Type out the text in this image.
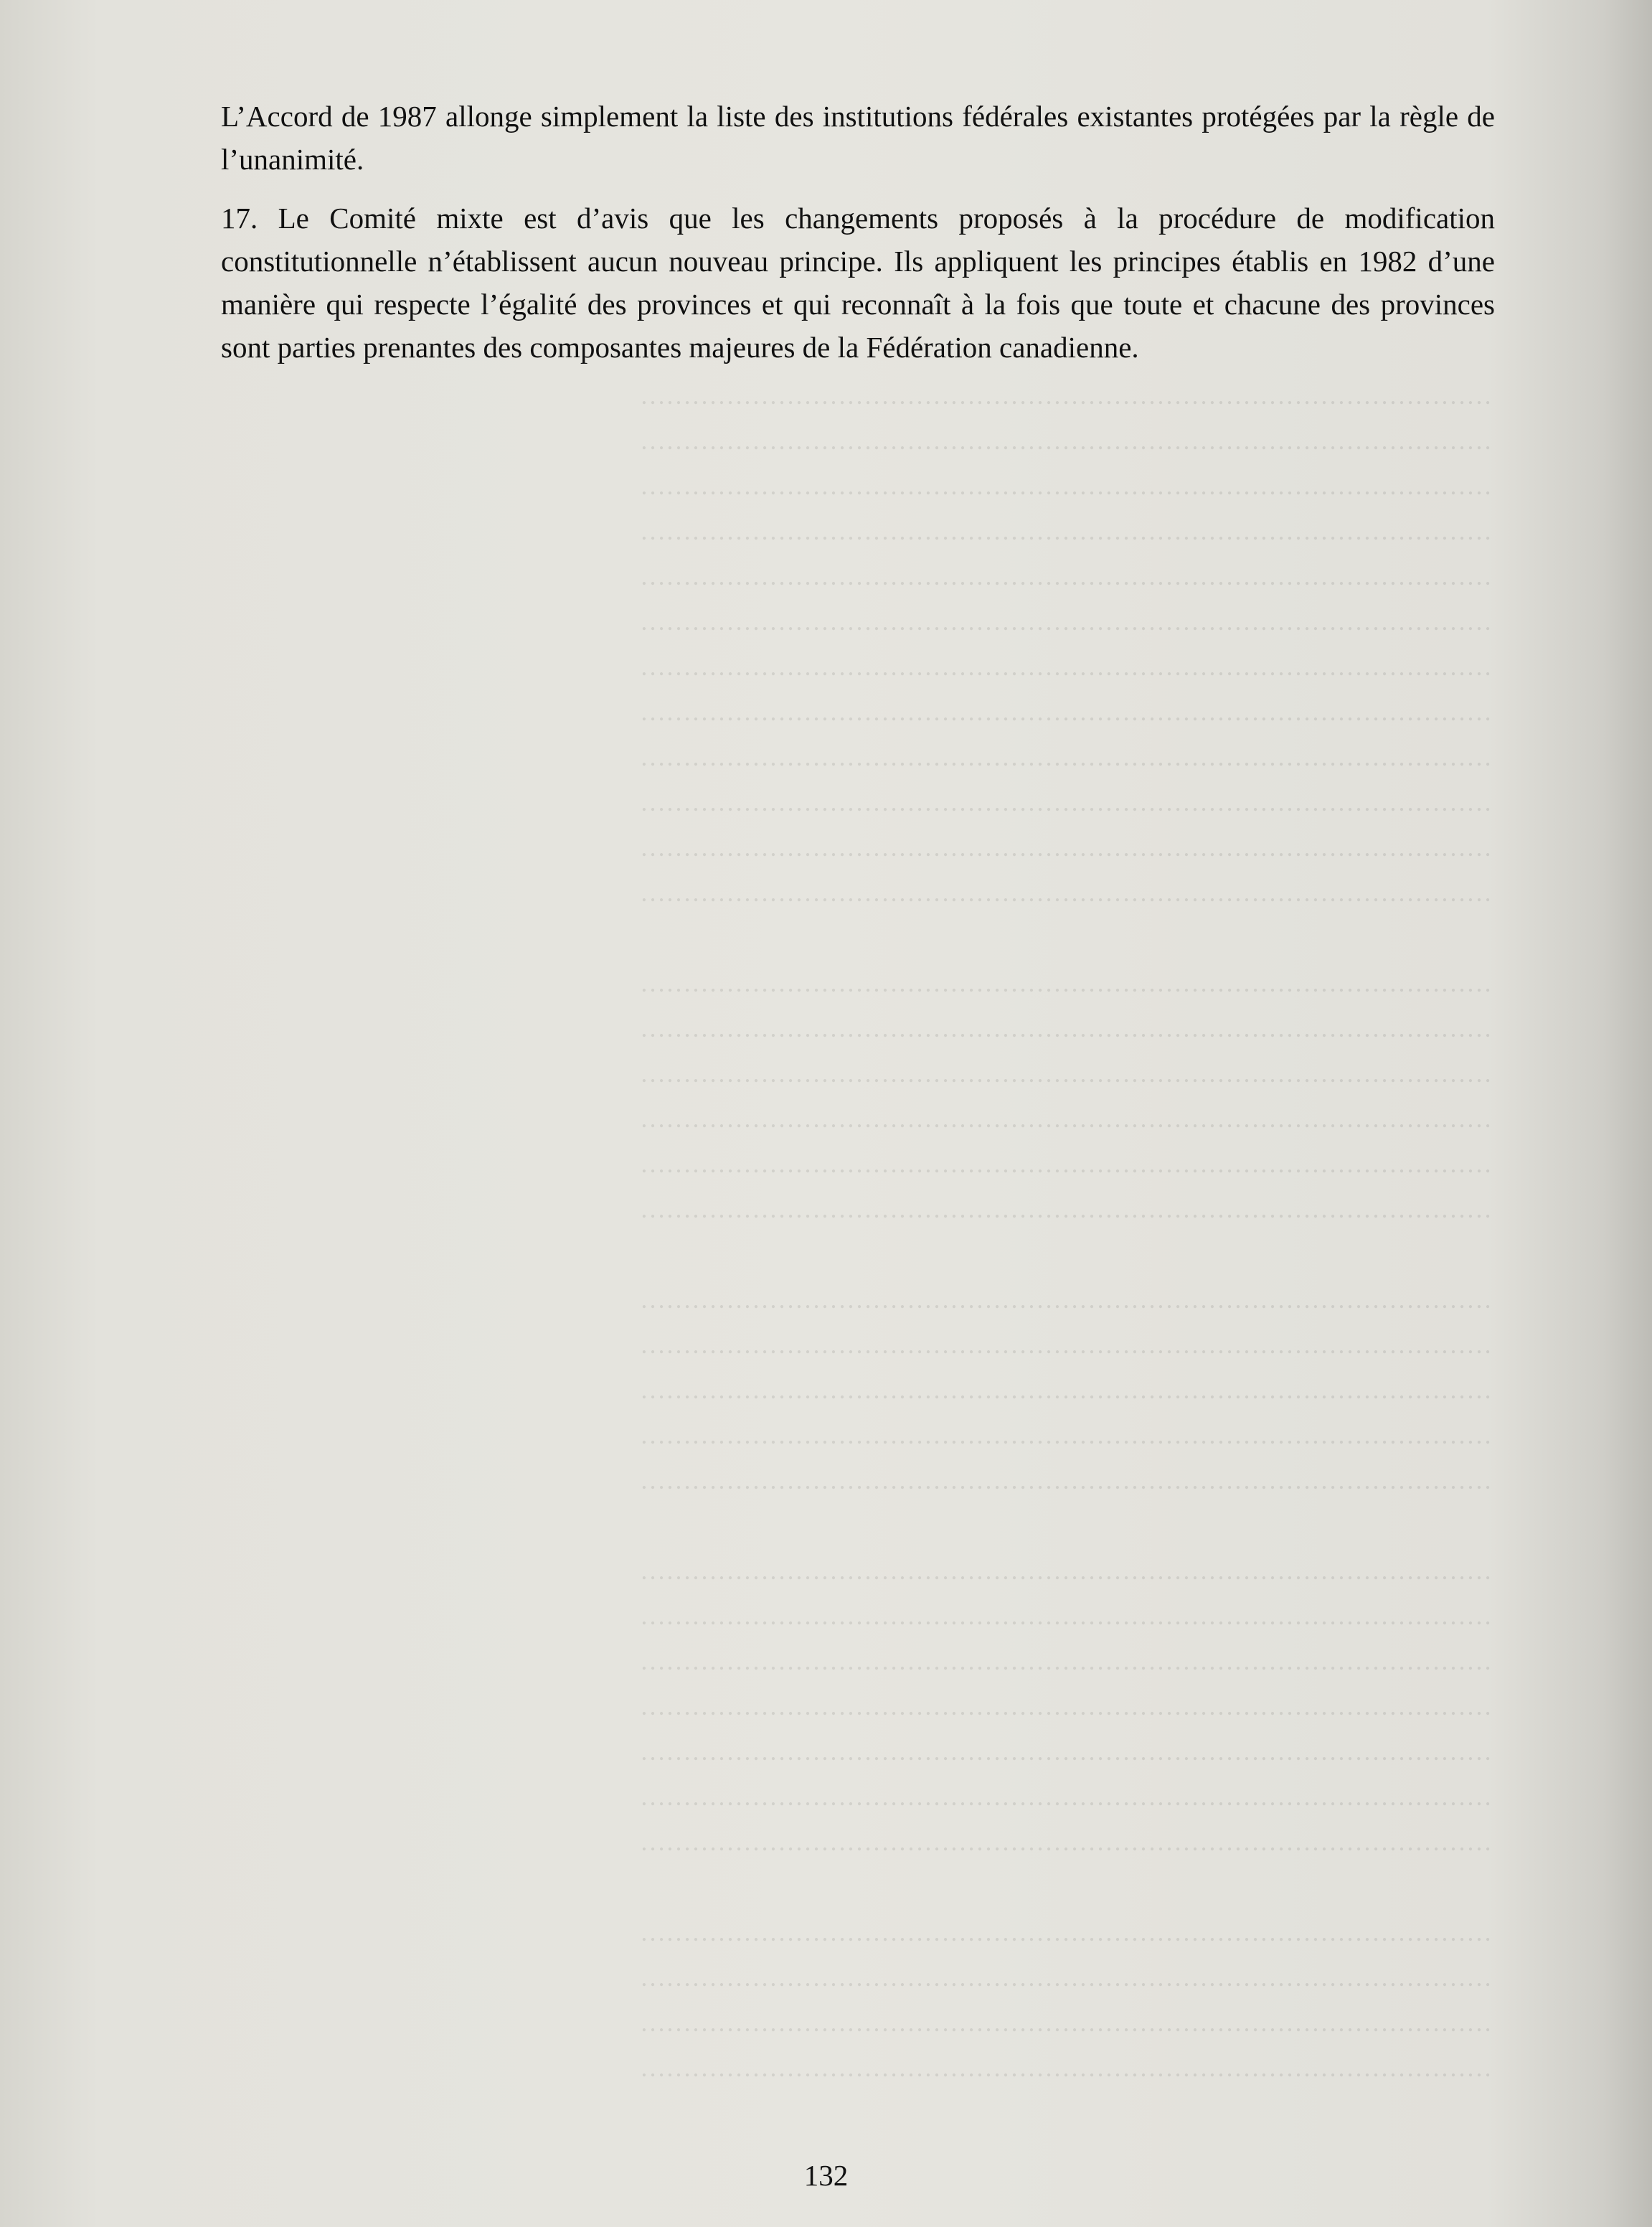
………………………………………………………………………………………
………………………………………………………………………………………
………………………………………………………………………………………
………………………………………………………………………………………
………………………………………………………………………………………
………………………………………………………………………………………
………………………………………………………………………………………
………………………………………………………………………………………
………………………………………………………………………………………
………………………………………………………………………………………
………………………………………………………………………………………
………………………………………………………………………………………

………………………………………………………………………………………
………………………………………………………………………………………
………………………………………………………………………………………
………………………………………………………………………………………
………………………………………………………………………………………
………………………………………………………………………………………

………………………………………………………………………………………
………………………………………………………………………………………
………………………………………………………………………………………
………………………………………………………………………………………
………………………………………………………………………………………

………………………………………………………………………………………
………………………………………………………………………………………
………………………………………………………………………………………
………………………………………………………………………………………
………………………………………………………………………………………
………………………………………………………………………………………
………………………………………………………………………………………

………………………………………………………………………………………
………………………………………………………………………………………
………………………………………………………………………………………
………………………………………………………………………………………

L’Accord de 1987 allonge simplement la liste des institutions fédérales existantes protégées par la règle de l’unanimité.

17. Le Comité mixte est d’avis que les changements proposés à la procédure de modification constitutionnelle n’établissent aucun nouveau principe. Ils appliquent les principes établis en 1982 d’une manière qui respecte l’égalité des provinces et qui reconnaît à la fois que toute et chacune des provinces sont parties prenantes des composantes majeures de la Fédération canadienne.

132
